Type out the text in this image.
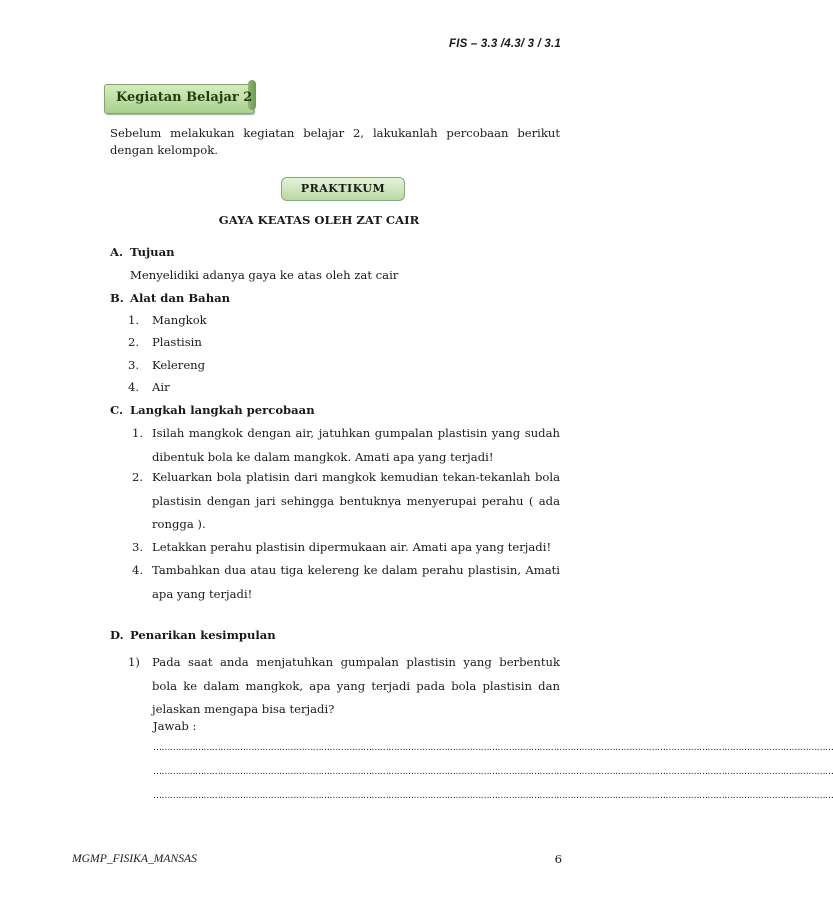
FIS – 3.3 /4.3/ 3 / 3.1
Kegiatan Belajar 2
Sebelum melakukan kegiatan belajar 2, lakukanlah percobaan berikut dengan kelompok.
PRAKTIKUM
GAYA KEATAS OLEH ZAT CAIR
A. Tujuan
Menyelidiki adanya gaya ke atas oleh zat cair
B. Alat dan Bahan
1. Mangkok
2. Plastisin
3. Kelereng
4. Air
C. Langkah langkah percobaan
1. Isilah mangkok dengan air, jatuhkan gumpalan plastisin yang sudah dibentuk bola ke dalam mangkok. Amati apa yang terjadi!
2. Keluarkan bola platisin dari mangkok kemudian tekan-tekanlah bola plastisin dengan jari sehingga bentuknya menyerupai perahu ( ada rongga ).
3. Letakkan perahu plastisin dipermukaan air. Amati apa yang terjadi!
4. Tambahkan dua atau tiga kelereng ke dalam perahu plastisin, Amati apa yang terjadi!
D. Penarikan kesimpulan
1) Pada saat anda menjatuhkan gumpalan plastisin yang berbentuk bola ke dalam mangkok, apa yang terjadi pada bola plastisin dan jelaskan mengapa bisa terjadi?
Jawab :
………………………………………………………………………………………………………………………………………………………………………………………………………………………
………………………………………………………………………………………………………………………………………………………………………………………………………………………
………………………………………………………………………………………………………………………………………………………………………………………………………………………
MGMP_FISIKA_MANSAS	6
